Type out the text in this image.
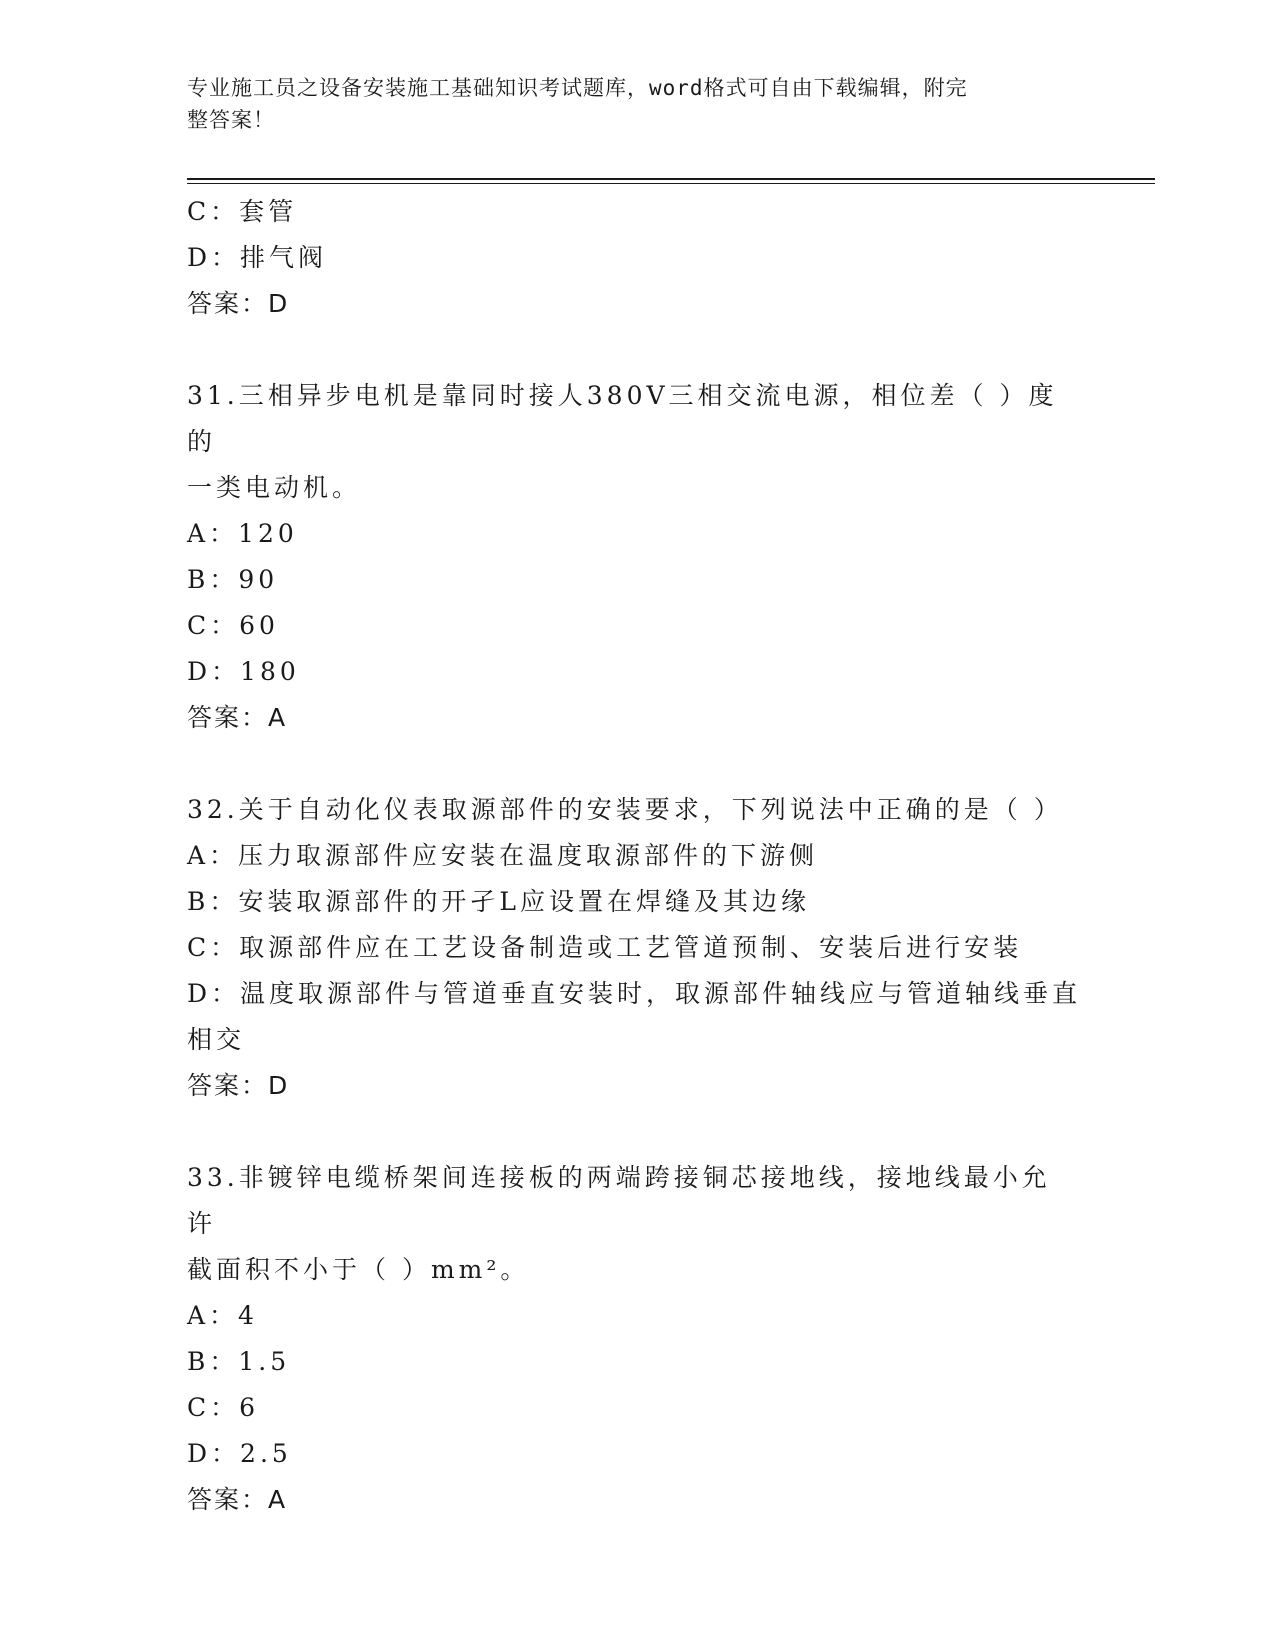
专业施工员之设备安装施工基础知识考试题库，word格式可自由下载编辑，附完
整答案！
C：套管
D：排气阀
答案：D
31.三相异步电机是靠同时接人380V三相交流电源，相位差（ ）度的
一类电动机。
A：120
B：90
C：60
D：180
答案：A
32.关于自动化仪表取源部件的安装要求，下列说法中正确的是（ ）
A：压力取源部件应安装在温度取源部件的下游侧
B：安装取源部件的开孑L应设置在焊缝及其边缘
C：取源部件应在工艺设备制造或工艺管道预制、安装后进行安装
D：温度取源部件与管道垂直安装时，取源部件轴线应与管道轴线垂直
相交
答案：D
33.非镀锌电缆桥架间连接板的两端跨接铜芯接地线，接地线最小允许
截面积不小于（ ）mm²。
A：4
B：1.5
C：6
D：2.5
答案：A
